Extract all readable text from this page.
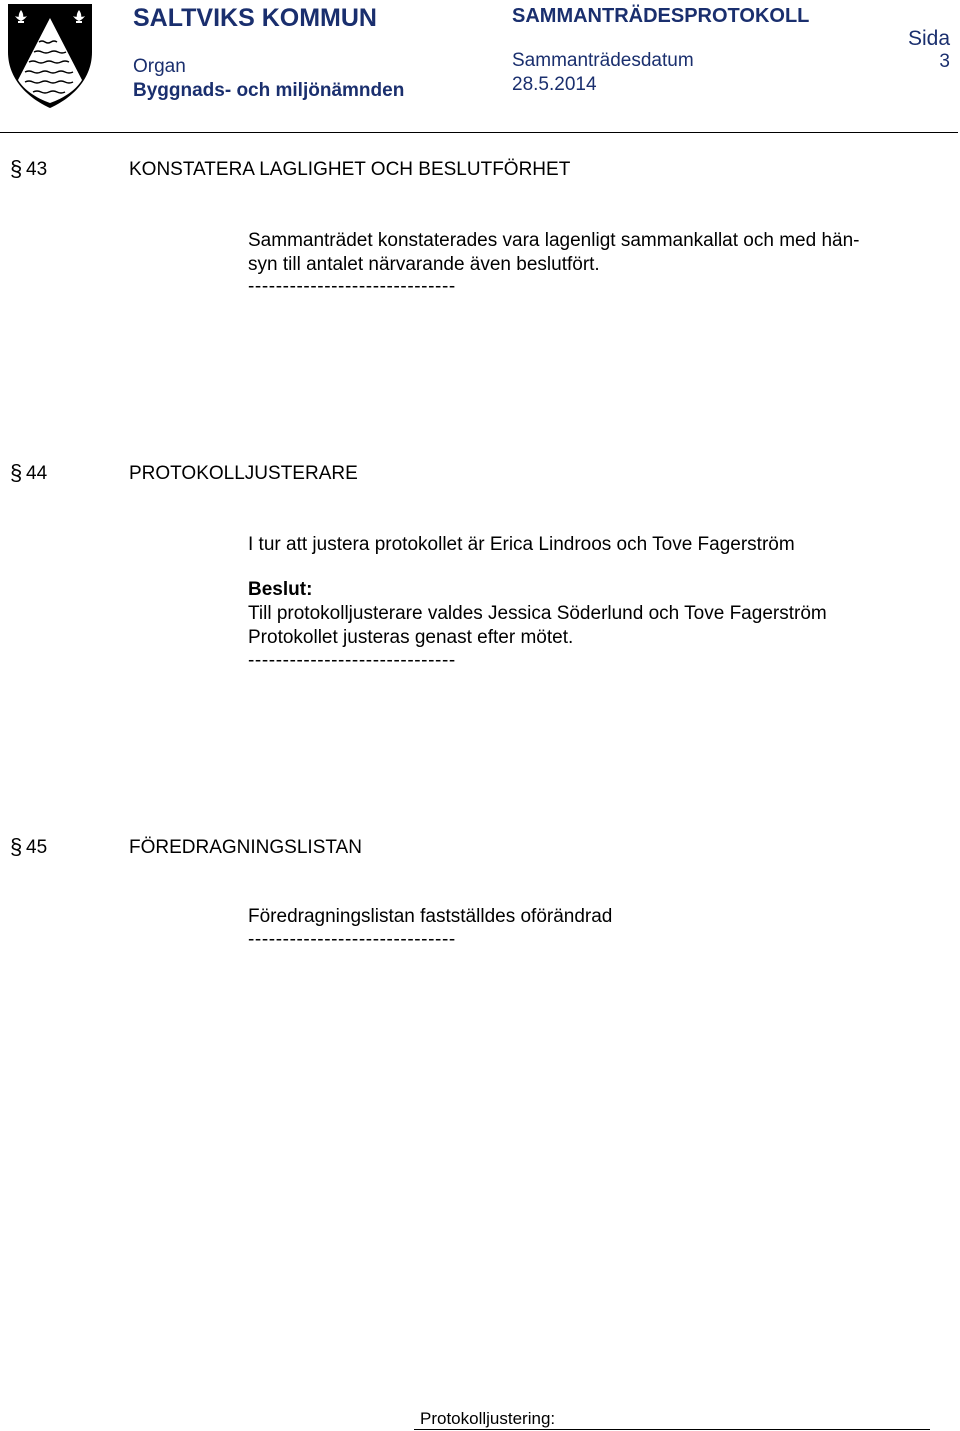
SALTVIKS KOMMUN
Organ
Byggnads- och miljönämnden
SAMMANTRÄDESPROTOKOLL
Sammanträdesdatum
28.5.2014
Sida
3
§ 43	KONSTATERA LAGLIGHET OCH BESLUTFÖRHET
Sammanträdet konstaterades vara lagenligt sammankallat och med hän-
syn till antalet närvarande även beslutfört.
------------------------------
§ 44	PROTOKOLLJUSTERARE
I tur att justera protokollet är Erica Lindroos och Tove Fagerström
Beslut:
Till protokolljusterare valdes Jessica Söderlund och Tove Fagerström
Protokollet justeras genast efter mötet.
------------------------------
§ 45	FÖREDRAGNINGSLISTAN
Föredragningslistan fastställdes oförändrad
------------------------------
Protokolljustering:
